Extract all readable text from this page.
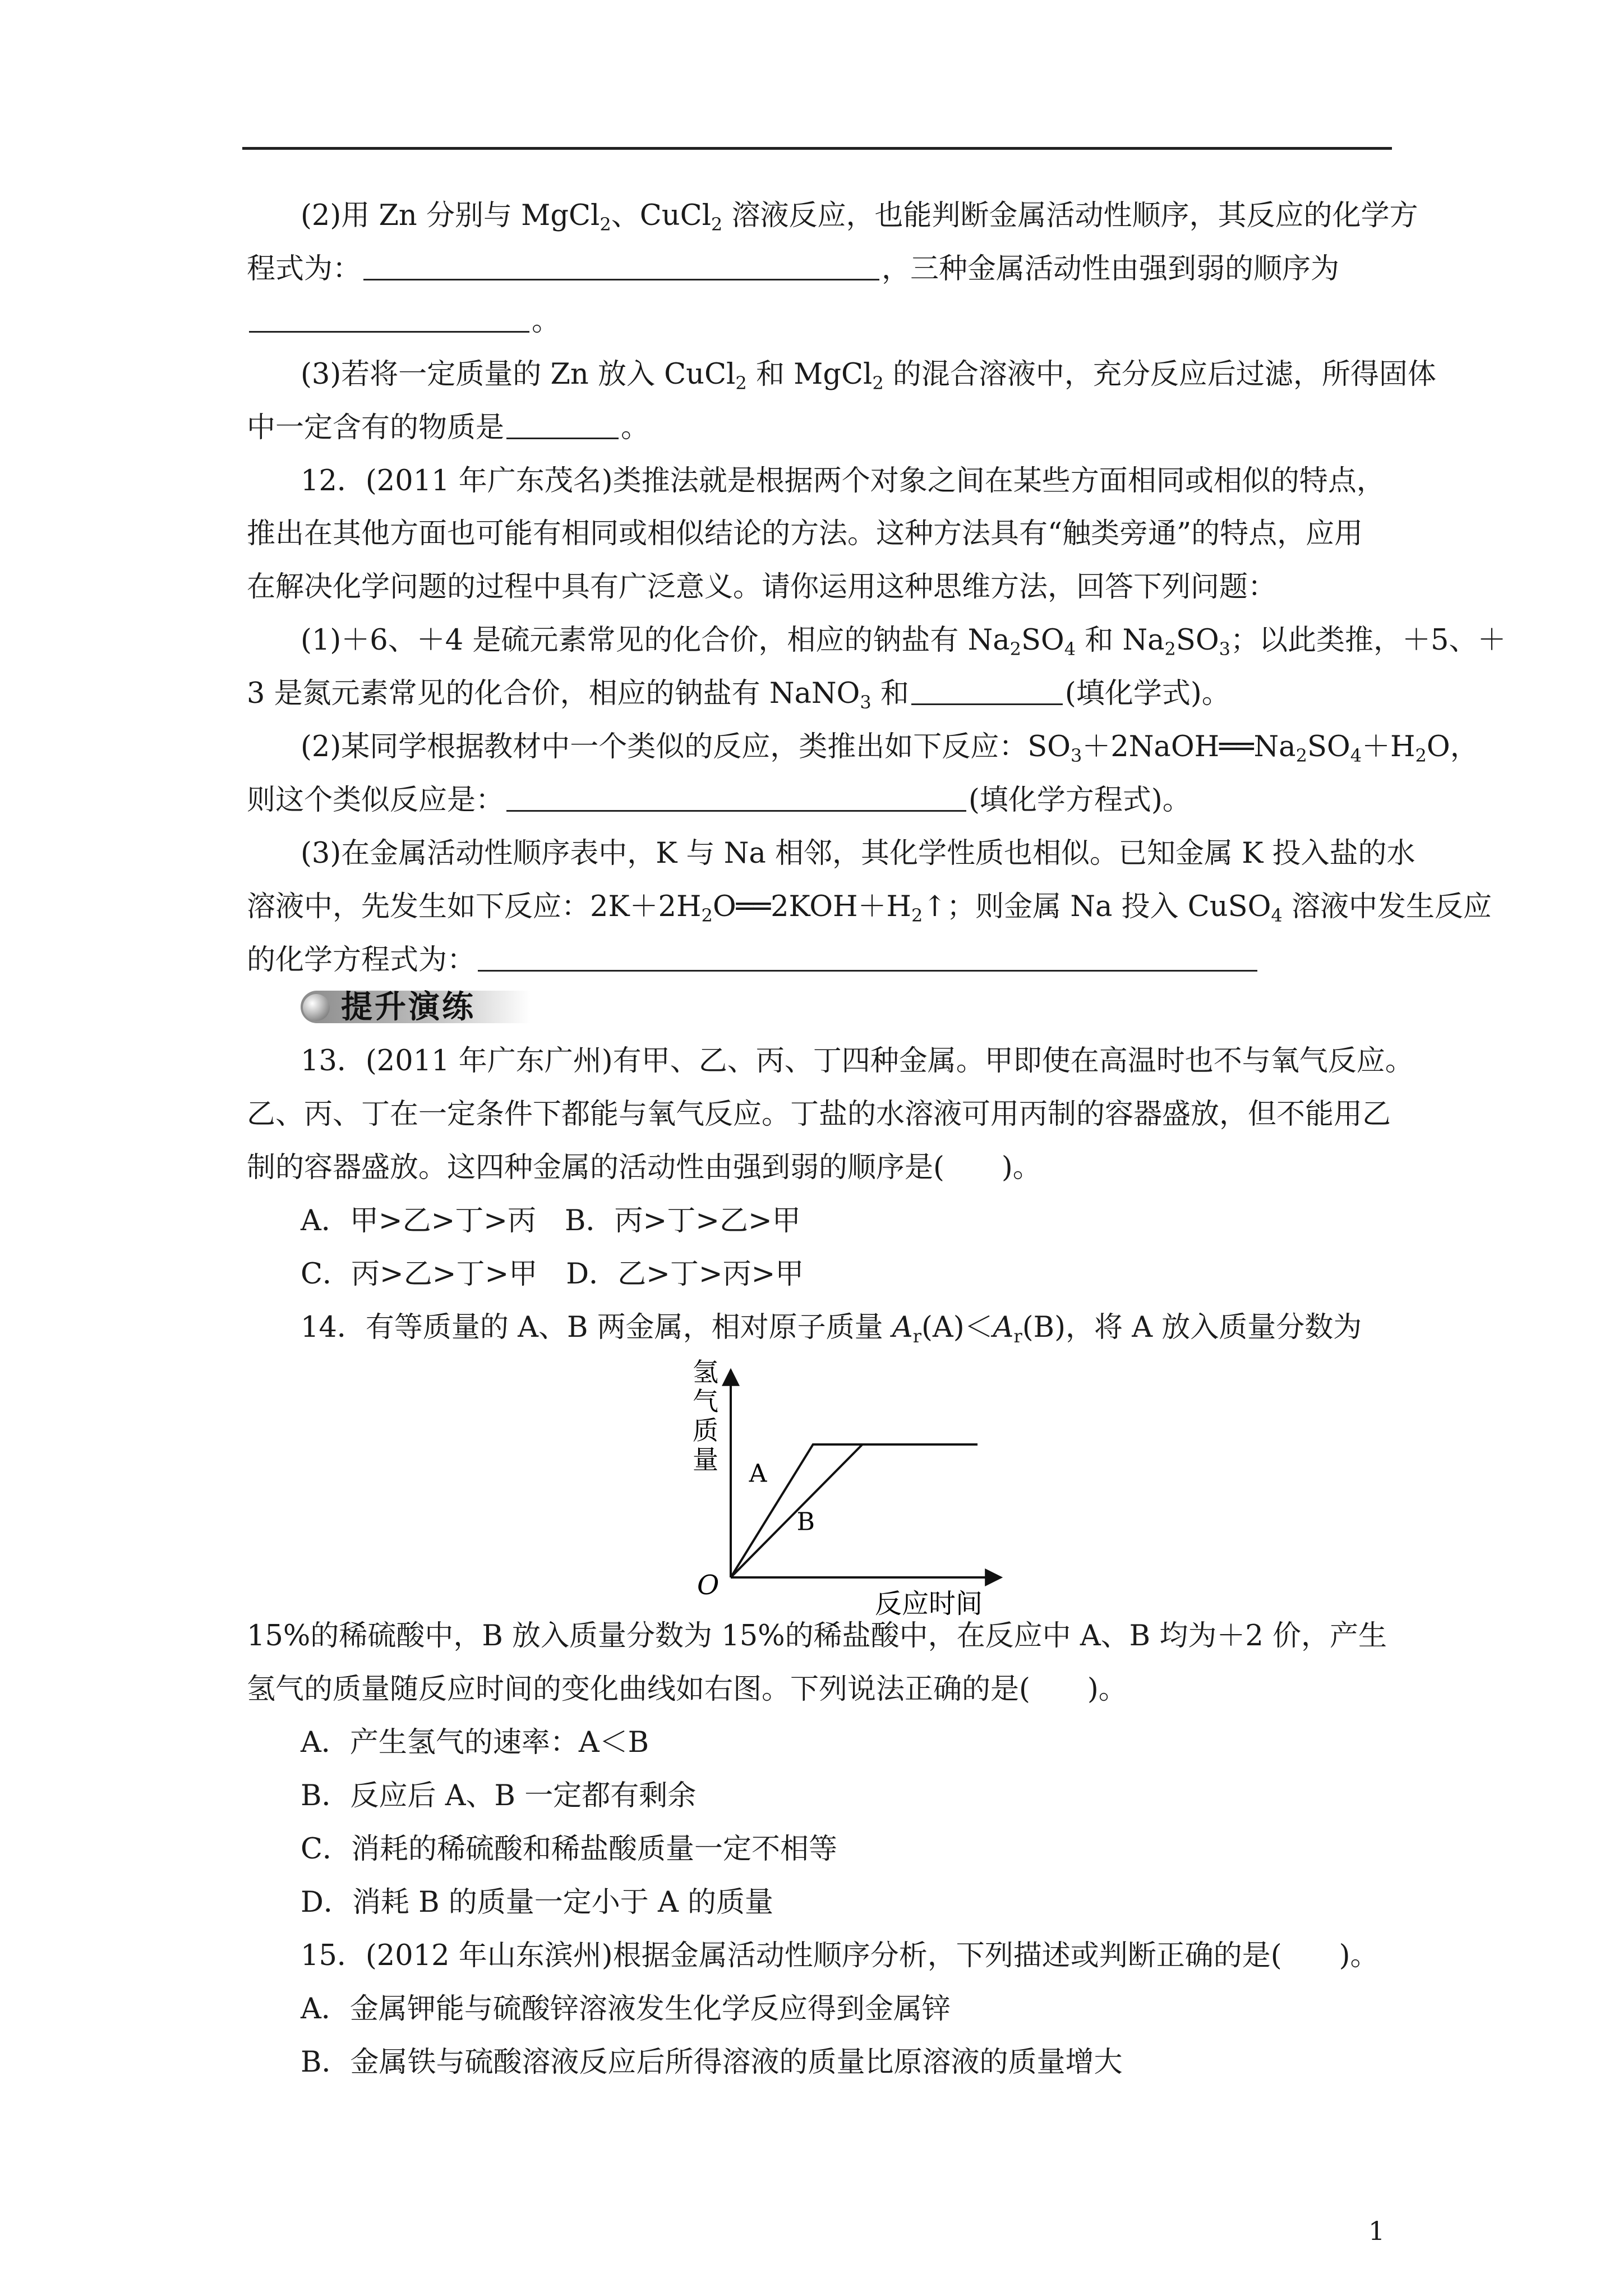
(2)用 Zn 分别与 MgCl$_2$、CuCl$_2$ 溶液反应，也能判断金属活动性顺序，其反应的化学方
程式为：	，三种金属活动性由强到弱的顺序为
。
(3)若将一定质量的 Zn 放入 CuCl$_2$ 和 MgCl$_2$ 的混合溶液中，充分反应后过滤，所得固体
中一定含有的物质是	。
12．(2011 年广东茂名)类推法就是根据两个对象之间在某些方面相同或相似的特点，
推出在其他方面也可能有相同或相似结论的方法。这种方法具有“触类旁通”的特点，应用
在解决化学问题的过程中具有广泛意义。请你运用这种思维方法，回答下列问题：
(1)＋6、＋4 是硫元素常见的化合价，相应的钠盐有 $Na_2SO_4$ 和 $Na_2SO_3$；以此类推，＋5、＋
3 是氮元素常见的化合价，相应的钠盐有 NaNO$_3$ 和	(填化学式)。
(2)某同学根据教材中一个类似的反应，类推出如下反应：$SO_3+2NaOH══Na_2SO_4+H_2O$，
则这个类似反应是：	(填化学方程式)。
(3)在金属活动性顺序表中，K 与 Na 相邻，其化学性质也相似。已知金属 K 投入盐的水
溶液中，先发生如下反应：$2K+2H_2O══2KOH+H_2↑$；则金属 Na 投入 CuSO$_4$ 溶液中发生反应
的化学方程式为：
提升演练
13．(2011 年广东广州)有甲、乙、丙、丁四种金属。甲即使在高温时也不与氧气反应。
乙、丙、丁在一定条件下都能与氧气反应。丁盐的水溶液可用丙制的容器盛放，但不能用乙
制的容器盛放。这四种金属的活动性由强到弱的顺序是(　　)。
A．甲>乙>丁>丙　B．丙>丁>乙>甲
C．丙>乙>丁>甲　D．乙>丁>丙>甲
14．有等质量的 A、B 两金属，相对原子质量 $A_r(A)<A_r(B)$，将 A 放入质量分数为
氢气质量
反应时间
O
A
B
15%的稀硫酸中，B 放入质量分数为 15%的稀盐酸中，在反应中 A、B 均为＋2 价，产生
氢气的质量随反应时间的变化曲线如右图。下列说法正确的是(　　)。
A．产生氢气的速率：A＜B
B．反应后 A、B 一定都有剩余
C．消耗的稀硫酸和稀盐酸质量一定不相等
D．消耗 B 的质量一定小于 A 的质量
15．(2012 年山东滨州)根据金属活动性顺序分析，下列描述或判断正确的是(　　)。
A．金属钾能与硫酸锌溶液发生化学反应得到金属锌
B．金属铁与硫酸溶液反应后所得溶液的质量比原溶液的质量增大
1
